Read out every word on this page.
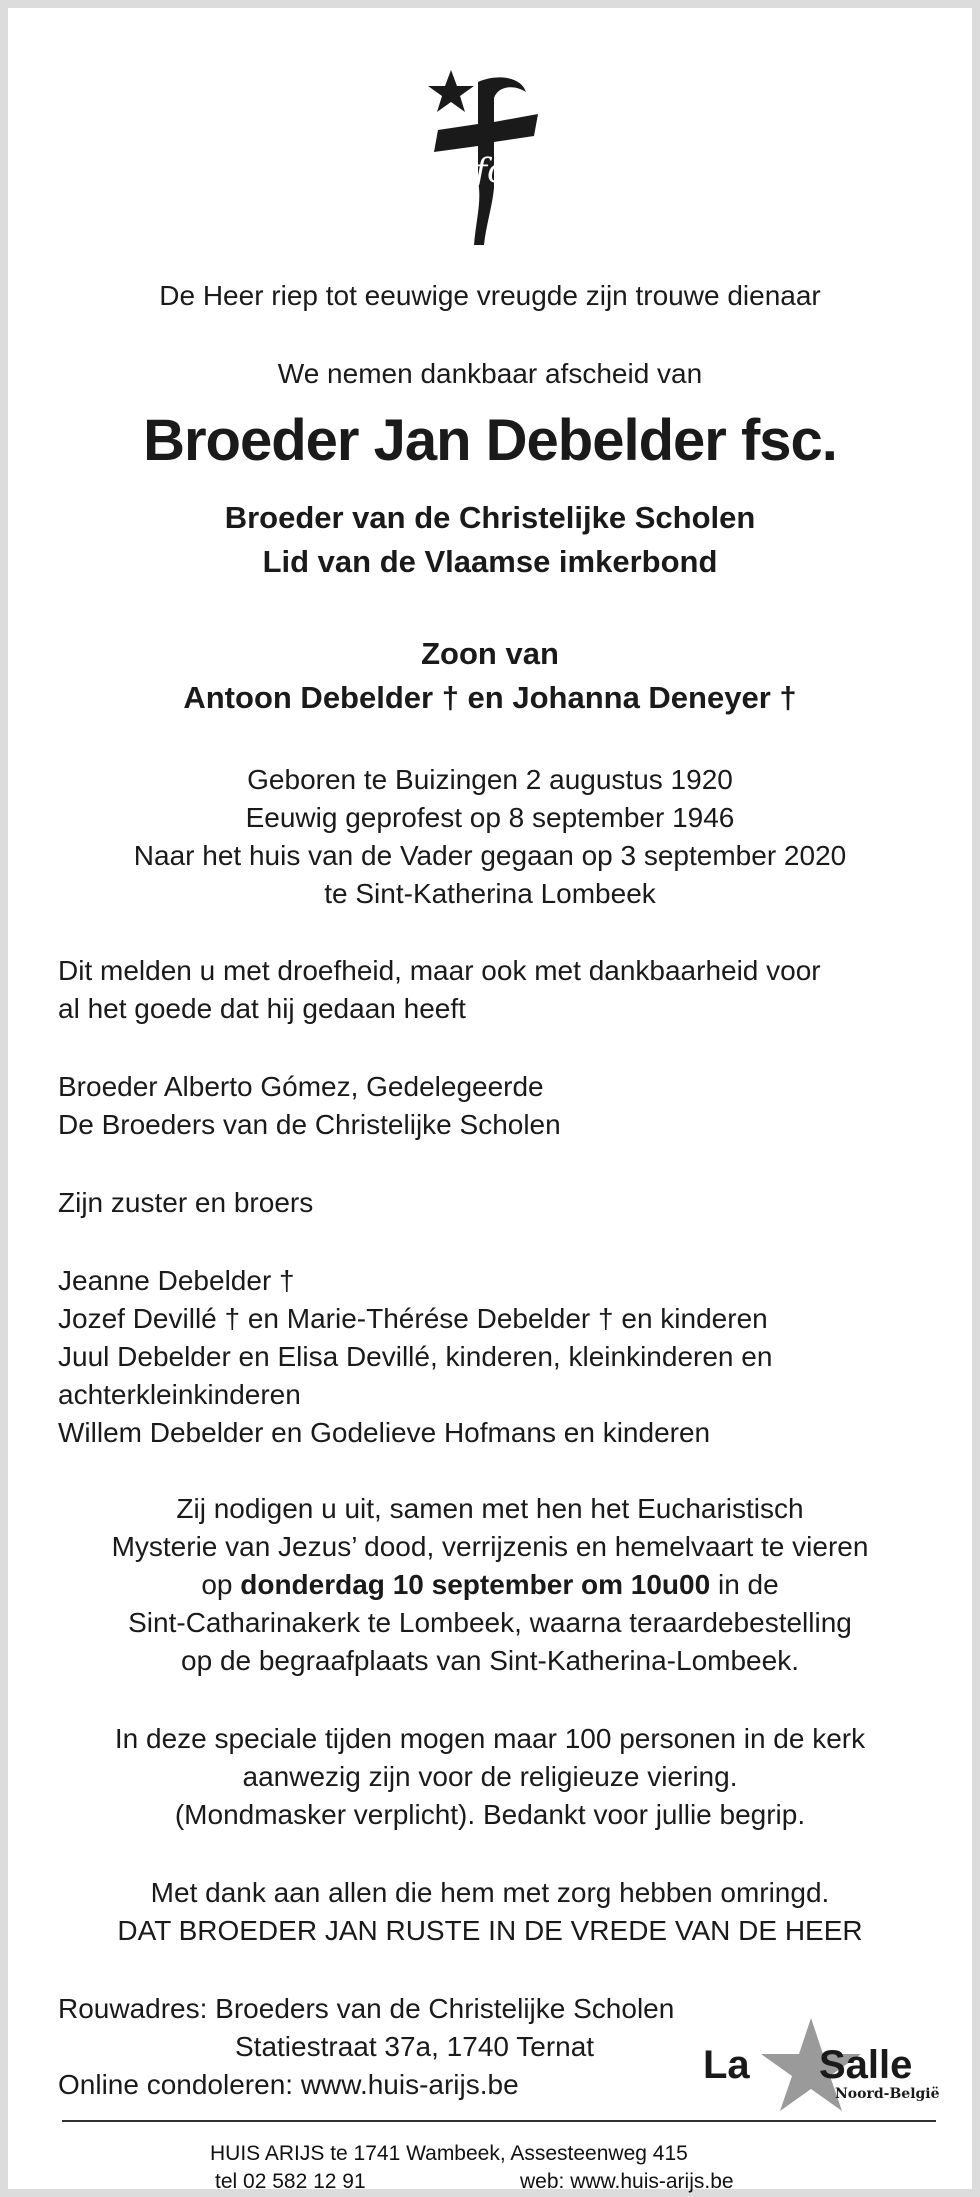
sfc
De Heer riep tot eeuwige vreugde zijn trouwe dienaar
We nemen dankbaar afscheid van
Broeder Jan Debelder fsc.
Broeder van de Christelijke Scholen
Lid van de Vlaamse imkerbond
Zoon van
Antoon Debelder † en Johanna Deneyer †
Geboren te Buizingen 2 augustus 1920
Eeuwig geprofest op 8 september 1946
Naar het huis van de Vader gegaan op 3 september 2020
te Sint-Katherina Lombeek
Dit melden u met droefheid, maar ook met dankbaarheid voor
al het goede dat hij gedaan heeft
Broeder Alberto Gómez, Gedelegeerde
De Broeders van de Christelijke Scholen
Zijn zuster en broers
Jeanne Debelder †
Jozef Devillé † en Marie-Thérése Debelder † en kinderen
Juul Debelder en Elisa Devillé, kinderen, kleinkinderen en
achterkleinkinderen
Willem Debelder en Godelieve Hofmans en kinderen
Zij nodigen u uit, samen met hen het Eucharistisch
Mysterie van Jezus’ dood, verrijzenis en hemelvaart te vieren
op donderdag 10 september om 10u00 in de
Sint-Catharinakerk te Lombeek, waarna teraardebestelling
op de begraafplaats van Sint-Katherina-Lombeek.
In deze speciale tijden mogen maar 100 personen in de kerk
aanwezig zijn voor de religieuze viering.
(Mondmasker verplicht). Bedankt voor jullie begrip.
Met dank aan allen die hem met zorg hebben omringd.
DAT BROEDER JAN RUSTE IN DE VREDE VAN DE HEER
Rouwadres: Broeders van de Christelijke Scholen
Statiestraat 37a, 1740 Ternat
Online condoleren: www.huis-arijs.be	La Salle
Noord-België
HUIS ARIJS te 1741 Wambeek, Assesteenweg 415
tel 02 582 12 91	web: www.huis-arijs.be
